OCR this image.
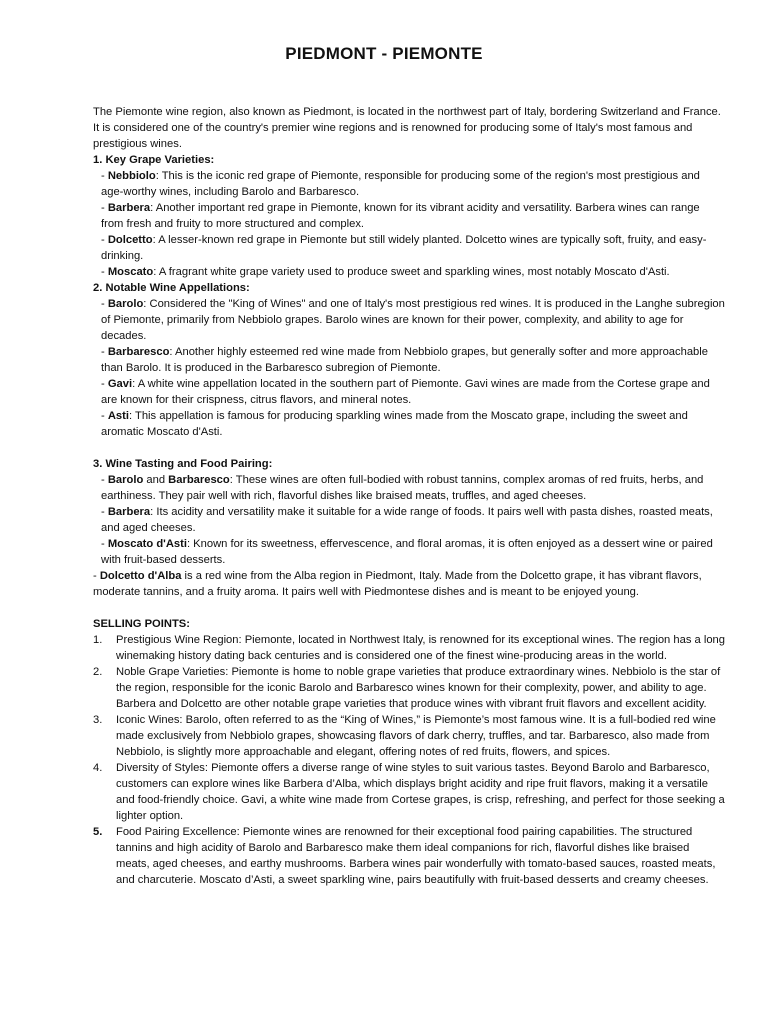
PIEDMONT - PIEMONTE

The Piemonte wine region, also known as Piedmont, is located in the northwest part of Italy, bordering Switzerland and France. It is considered one of the country's premier wine regions and is renowned for producing some of Italy's most famous and prestigious wines.

1. Key Grape Varieties:

- Nebbiolo: This is the iconic red grape of Piemonte, responsible for producing some of the region's most prestigious and age-worthy wines, including Barolo and Barbaresco.

- Barbera: Another important red grape in Piemonte, known for its vibrant acidity and versatility. Barbera wines can range from fresh and fruity to more structured and complex.

- Dolcetto: A lesser-known red grape in Piemonte but still widely planted. Dolcetto wines are typically soft, fruity, and easy-drinking.

- Moscato: A fragrant white grape variety used to produce sweet and sparkling wines, most notably Moscato d'Asti.

2. Notable Wine Appellations:

- Barolo: Considered the "King of Wines" and one of Italy's most prestigious red wines. It is produced in the Langhe subregion of Piemonte, primarily from Nebbiolo grapes. Barolo wines are known for their power, complexity, and ability to age for decades.

- Barbaresco: Another highly esteemed red wine made from Nebbiolo grapes, but generally softer and more approachable than Barolo. It is produced in the Barbaresco subregion of Piemonte.

- Gavi: A white wine appellation located in the southern part of Piemonte. Gavi wines are made from the Cortese grape and are known for their crispness, citrus flavors, and mineral notes.

- Asti: This appellation is famous for producing sparkling wines made from the Moscato grape, including the sweet and aromatic Moscato d'Asti.

3. Wine Tasting and Food Pairing:

- Barolo and Barbaresco: These wines are often full-bodied with robust tannins, complex aromas of red fruits, herbs, and earthiness. They pair well with rich, flavorful dishes like braised meats, truffles, and aged cheeses.

- Barbera: Its acidity and versatility make it suitable for a wide range of foods. It pairs well with pasta dishes, roasted meats, and aged cheeses.

- Moscato d'Asti: Known for its sweetness, effervescence, and floral aromas, it is often enjoyed as a dessert wine or paired with fruit-based desserts.

- Dolcetto d'Alba is a red wine from the Alba region in Piedmont, Italy. Made from the Dolcetto grape, it has vibrant flavors, moderate tannins, and a fruity aroma. It pairs well with Piedmontese dishes and is meant to be enjoyed young.

SELLING POINTS:

1. Prestigious Wine Region: Piemonte, located in Northwest Italy, is renowned for its exceptional wines. The region has a long winemaking history dating back centuries and is considered one of the finest wine-producing areas in the world.
2. Noble Grape Varieties: Piemonte is home to noble grape varieties that produce extraordinary wines. Nebbiolo is the star of the region, responsible for the iconic Barolo and Barbaresco wines known for their complexity, power, and ability to age. Barbera and Dolcetto are other notable grape varieties that produce wines with vibrant fruit flavors and excellent acidity.
3. Iconic Wines: Barolo, often referred to as the “King of Wines,” is Piemonte’s most famous wine. It is a full-bodied red wine made exclusively from Nebbiolo grapes, showcasing flavors of dark cherry, truffles, and tar. Barbaresco, also made from Nebbiolo, is slightly more approachable and elegant, offering notes of red fruits, flowers, and spices.
4. Diversity of Styles: Piemonte offers a diverse range of wine styles to suit various tastes. Beyond Barolo and Barbaresco, customers can explore wines like Barbera d’Alba, which displays bright acidity and ripe fruit flavors, making it a versatile and food-friendly choice. Gavi, a white wine made from Cortese grapes, is crisp, refreshing, and perfect for those seeking a lighter option.
5. Food Pairing Excellence: Piemonte wines are renowned for their exceptional food pairing capabilities. The structured tannins and high acidity of Barolo and Barbaresco make them ideal companions for rich, flavorful dishes like braised meats, aged cheeses, and earthy mushrooms. Barbera wines pair wonderfully with tomato-based sauces, roasted meats, and charcuterie. Moscato d’Asti, a sweet sparkling wine, pairs beautifully with fruit-based desserts and creamy cheeses.
